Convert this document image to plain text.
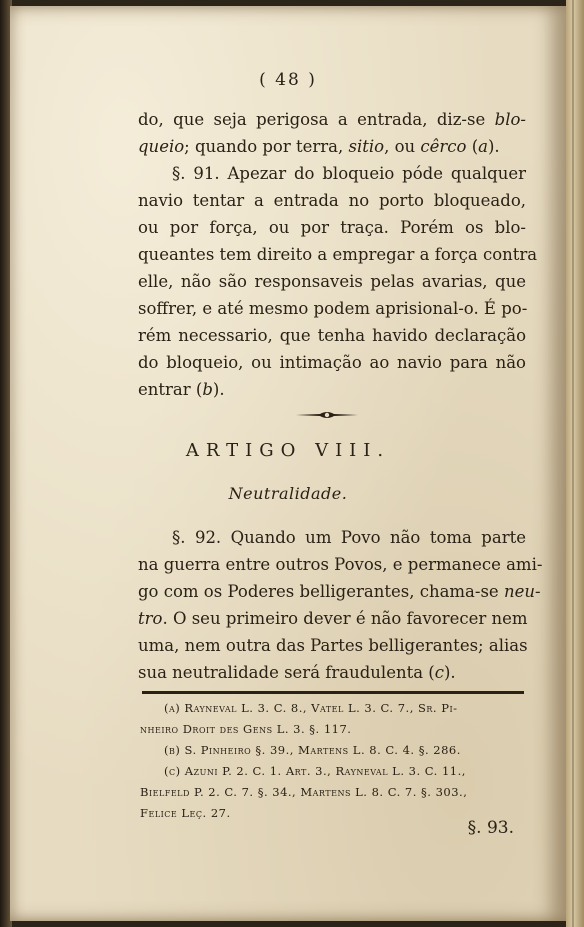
( 48 )
do, que seja perigosa a entrada, diz-se blo-
queio; quando por terra, sitio, ou cêrco (a).
§. 91. Apezar do bloqueio póde qualquer
navio tentar a entrada no porto bloqueado,
ou por força, ou por traça. Porém os blo-
queantes tem direito a empregar a força contra
elle, não são responsaveis pelas avarias, que
soffrer, e até mesmo podem aprisional-o. É po-
rém necessario, que tenha havido declaração
do bloqueio, ou intimação ao navio para não
entrar (b).
ARTIGO VIII.
Neutralidade.
§. 92. Quando um Povo não toma parte
na guerra entre outros Povos, e permanece ami-
go com os Poderes belligerantes, chama-se neu-
tro. O seu primeiro dever é não favorecer nem
uma, nem outra das Partes belligerantes; alias
sua neutralidade será fraudulenta (c).
(a) Rayneval L. 3. C. 8., Vatel L. 3. C. 7., Sr. Pi-
nheiro Droit des Gens L. 3. §. 117.
(b) S. Pinheiro §. 39., Martens L. 8. C. 4. §. 286.
(c) Azuni P. 2. C. 1. Art. 3., Rayneval L. 3. C. 11.,
Bielfeld P. 2. C. 7. §. 34., Martens L. 8. C. 7. §. 303.,
Felice Leç. 27.
§. 93.
